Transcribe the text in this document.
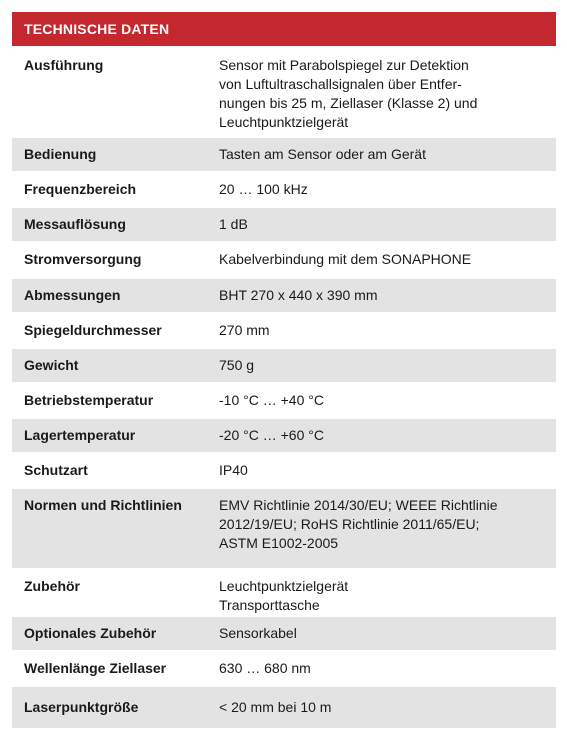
TECHNISCHE DATEN
Ausführung	Sensor mit Parabolspiegel zur Detektion
von Luftultraschallsignalen über Entfer-
nungen bis 25 m, Ziellaser (Klasse 2) und
Leuchtpunktzielgerät
Bedienung	Tasten am Sensor oder am Gerät
Frequenzbereich	20 … 100 kHz
Messauflösung	1 dB
Stromversorgung	Kabelverbindung mit dem SONAPHONE
Abmessungen	BHT 270 x 440 x 390 mm
Spiegeldurchmesser	270 mm
Gewicht	750 g
Betriebstemperatur	-10 °C … +40 °C
Lagertemperatur	-20 °C … +60 °C
Schutzart	IP40
Normen und Richtlinien	EMV Richtlinie 2014/30/EU; WEEE Richtlinie
2012/19/EU; RoHS Richtlinie 2011/65/EU;
ASTM E1002-2005
Zubehör	Leuchtpunktzielgerät
Transporttasche
Optionales Zubehör	Sensorkabel
Wellenlänge Ziellaser	630 … 680 nm
Laserpunktgröße	< 20 mm bei 10 m
